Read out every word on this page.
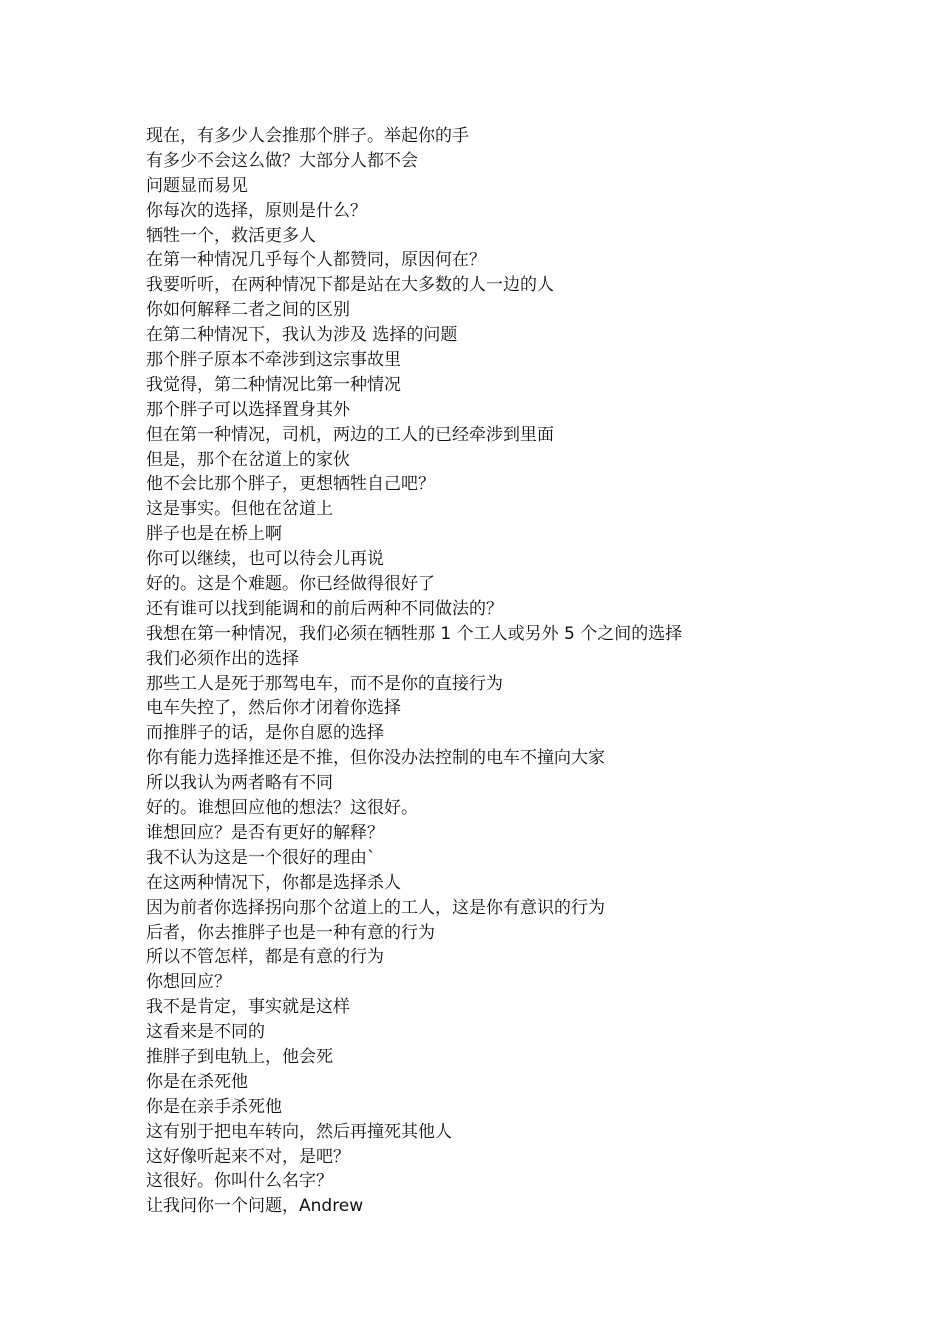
现在，有多少人会推那个胖子。举起你的手
有多少不会这么做？大部分人都不会
问题显而易见
你每次的选择，原则是什么？
牺牲一个，救活更多人
在第一种情况几乎每个人都赞同，原因何在？
我要听听，在两种情况下都是站在大多数的人一边的人
你如何解释二者之间的区别
在第二种情况下，我认为涉及 选择的问题
那个胖子原本不牵涉到这宗事故里
我觉得，第二种情况比第一种情况
那个胖子可以选择置身其外
但在第一种情况，司机，两边的工人的已经牵涉到里面
但是，那个在岔道上的家伙
他不会比那个胖子，更想牺牲自己吧？
这是事实。但他在岔道上
胖子也是在桥上啊
你可以继续，也可以待会儿再说
好的。这是个难题。你已经做得很好了
还有谁可以找到能调和的前后两种不同做法的？
我想在第一种情况，我们必须在牺牲那 1 个工人或另外 5 个之间的选择
我们必须作出的选择
那些工人是死于那驾电车，而不是你的直接行为
电车失控了，然后你才闭着你选择
而推胖子的话，是你自愿的选择
你有能力选择推还是不推，但你没办法控制的电车不撞向大家
所以我认为两者略有不同
好的。谁想回应他的想法？这很好。
谁想回应？是否有更好的解释？
我不认为这是一个很好的理由`
在这两种情况下，你都是选择杀人
因为前者你选择拐向那个岔道上的工人，这是你有意识的行为
后者，你去推胖子也是一种有意的行为
所以不管怎样，都是有意的行为
你想回应？
我不是肯定，事实就是这样
这看来是不同的
推胖子到电轨上，他会死
你是在杀死他
你是在亲手杀死他
这有别于把电车转向，然后再撞死其他人
这好像听起来不对，是吧？
这很好。你叫什么名字？
让我问你一个问题，Andrew
